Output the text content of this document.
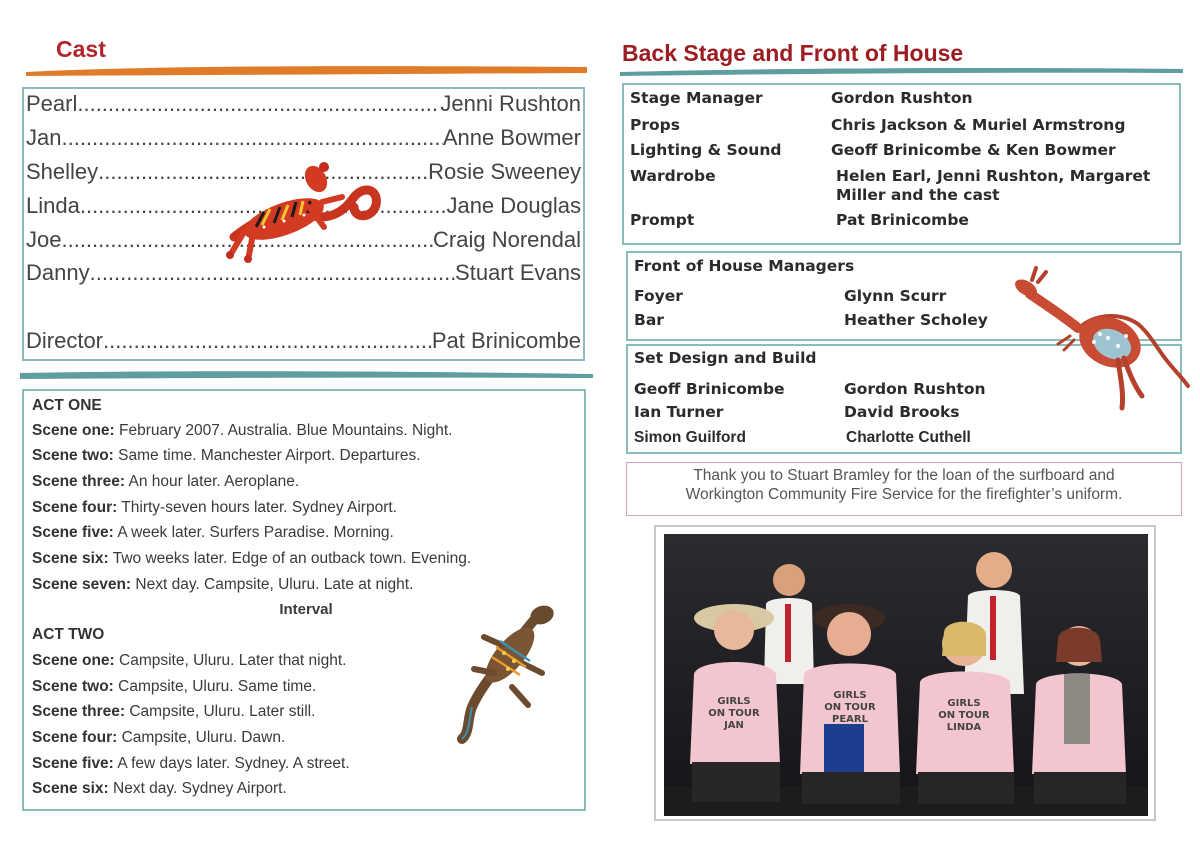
Cast
Pearl .....	Jenni Rushton
Jan .....	Anne Bowmer
Shelley .....	Rosie Sweeney
Linda .....	Jane Douglas
Joe .....	Craig Norendal
Danny .....	Stuart Evans
Director .....	Pat Brinicombe
ACT ONE
Scene one: February 2007. Australia. Blue Mountains. Night.
Scene two: Same time. Manchester Airport. Departures.
Scene three: An hour later. Aeroplane.
Scene four: Thirty-seven hours later. Sydney Airport.
Scene five: A week later. Surfers Paradise. Morning.
Scene six: Two weeks later. Edge of an outback town. Evening.
Scene seven: Next day. Campsite, Uluru. Late at night.
Interval
ACT TWO
Scene one: Campsite, Uluru. Later that night.
Scene two: Campsite, Uluru. Same time.
Scene three: Campsite, Uluru. Later still.
Scene four: Campsite, Uluru. Dawn.
Scene five: A few days later. Sydney. A street.
Scene six: Next day. Sydney Airport.
Back Stage and Front of House
Stage Manager	Gordon Rushton
Props	Chris Jackson & Muriel Armstrong
Lighting & Sound	Geoff Brinicombe & Ken Bowmer
Wardrobe	Helen Earl, Jenni Rushton, Margaret
Miller and the cast
Prompt	Pat Brinicombe
Front of House Managers
Foyer	Glynn Scurr
Bar	Heather Scholey
Set Design and Build
Geoff Brinicombe	Gordon Rushton
Ian Turner	David Brooks
Simon Guilford	Charlotte Cuthell
Thank you to Stuart Bramley for the loan of the surfboard and
Workington Community Fire Service for the firefighter’s uniform.
GIRLS
ON TOUR
JAN
GIRLS
ON TOUR
PEARL
GIRLS
ON TOUR
LINDA
